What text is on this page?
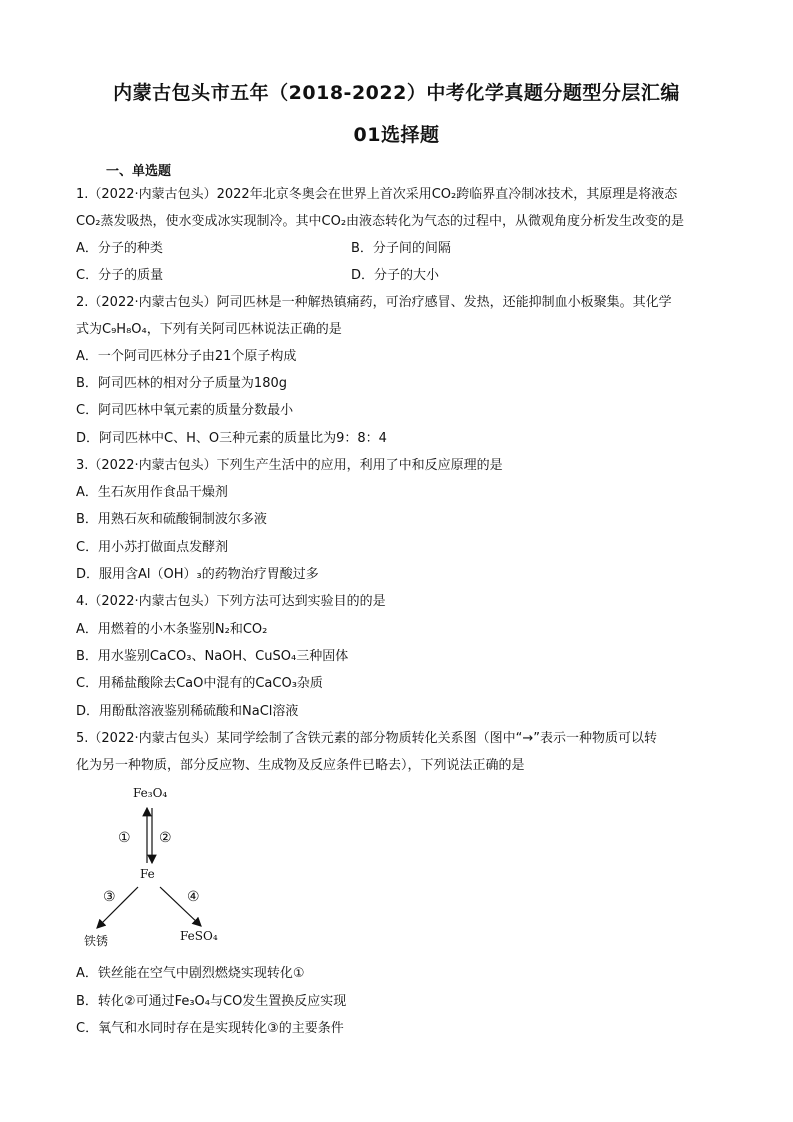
内蒙古包头市五年（2018-2022）中考化学真题分题型分层汇编
01选择题
一、单选题
1.（2022·内蒙古包头）2022年北京冬奥会在世界上首次采用CO₂跨临界直冷制冰技术，其原理是将液态
CO₂蒸发吸热，使水变成冰实现制冷。其中CO₂由液态转化为气态的过程中，从微观角度分析发生改变的是
A．分子的种类	B．分子间的间隔
C．分子的质量	D．分子的大小
2.（2022·内蒙古包头）阿司匹林是一种解热镇痛药，可治疗感冒、发热，还能抑制血小板聚集。其化学
式为C₉H₈O₄，下列有关阿司匹林说法正确的是
A．一个阿司匹林分子由21个原子构成
B．阿司匹林的相对分子质量为180g
C．阿司匹林中氧元素的质量分数最小
D．阿司匹林中C、H、O三种元素的质量比为9：8：4
3.（2022·内蒙古包头）下列生产生活中的应用，利用了中和反应原理的是
A．生石灰用作食品干燥剂
B．用熟石灰和硫酸铜制波尔多液
C．用小苏打做面点发酵剂
D．服用含Al（OH）₃的药物治疗胃酸过多
4.（2022·内蒙古包头）下列方法可达到实验目的的是
A．用燃着的小木条鉴别N₂和CO₂
B．用水鉴别CaCO₃、NaOH、CuSO₄三种固体
C．用稀盐酸除去CaO中混有的CaCO₃杂质
D．用酚酞溶液鉴别稀硫酸和NaCl溶液
5.（2022·内蒙古包头）某同学绘制了含铁元素的部分物质转化关系图（图中“→”表示一种物质可以转
化为另一种物质，部分反应物、生成物及反应条件已略去），下列说法正确的是
Fe₃O₄
① ②
Fe
③	④
铁锈	FeSO₄
A．铁丝能在空气中剧烈燃烧实现转化①
B．转化②可通过Fe₃O₄与CO发生置换反应实现
C．氧气和水同时存在是实现转化③的主要条件
